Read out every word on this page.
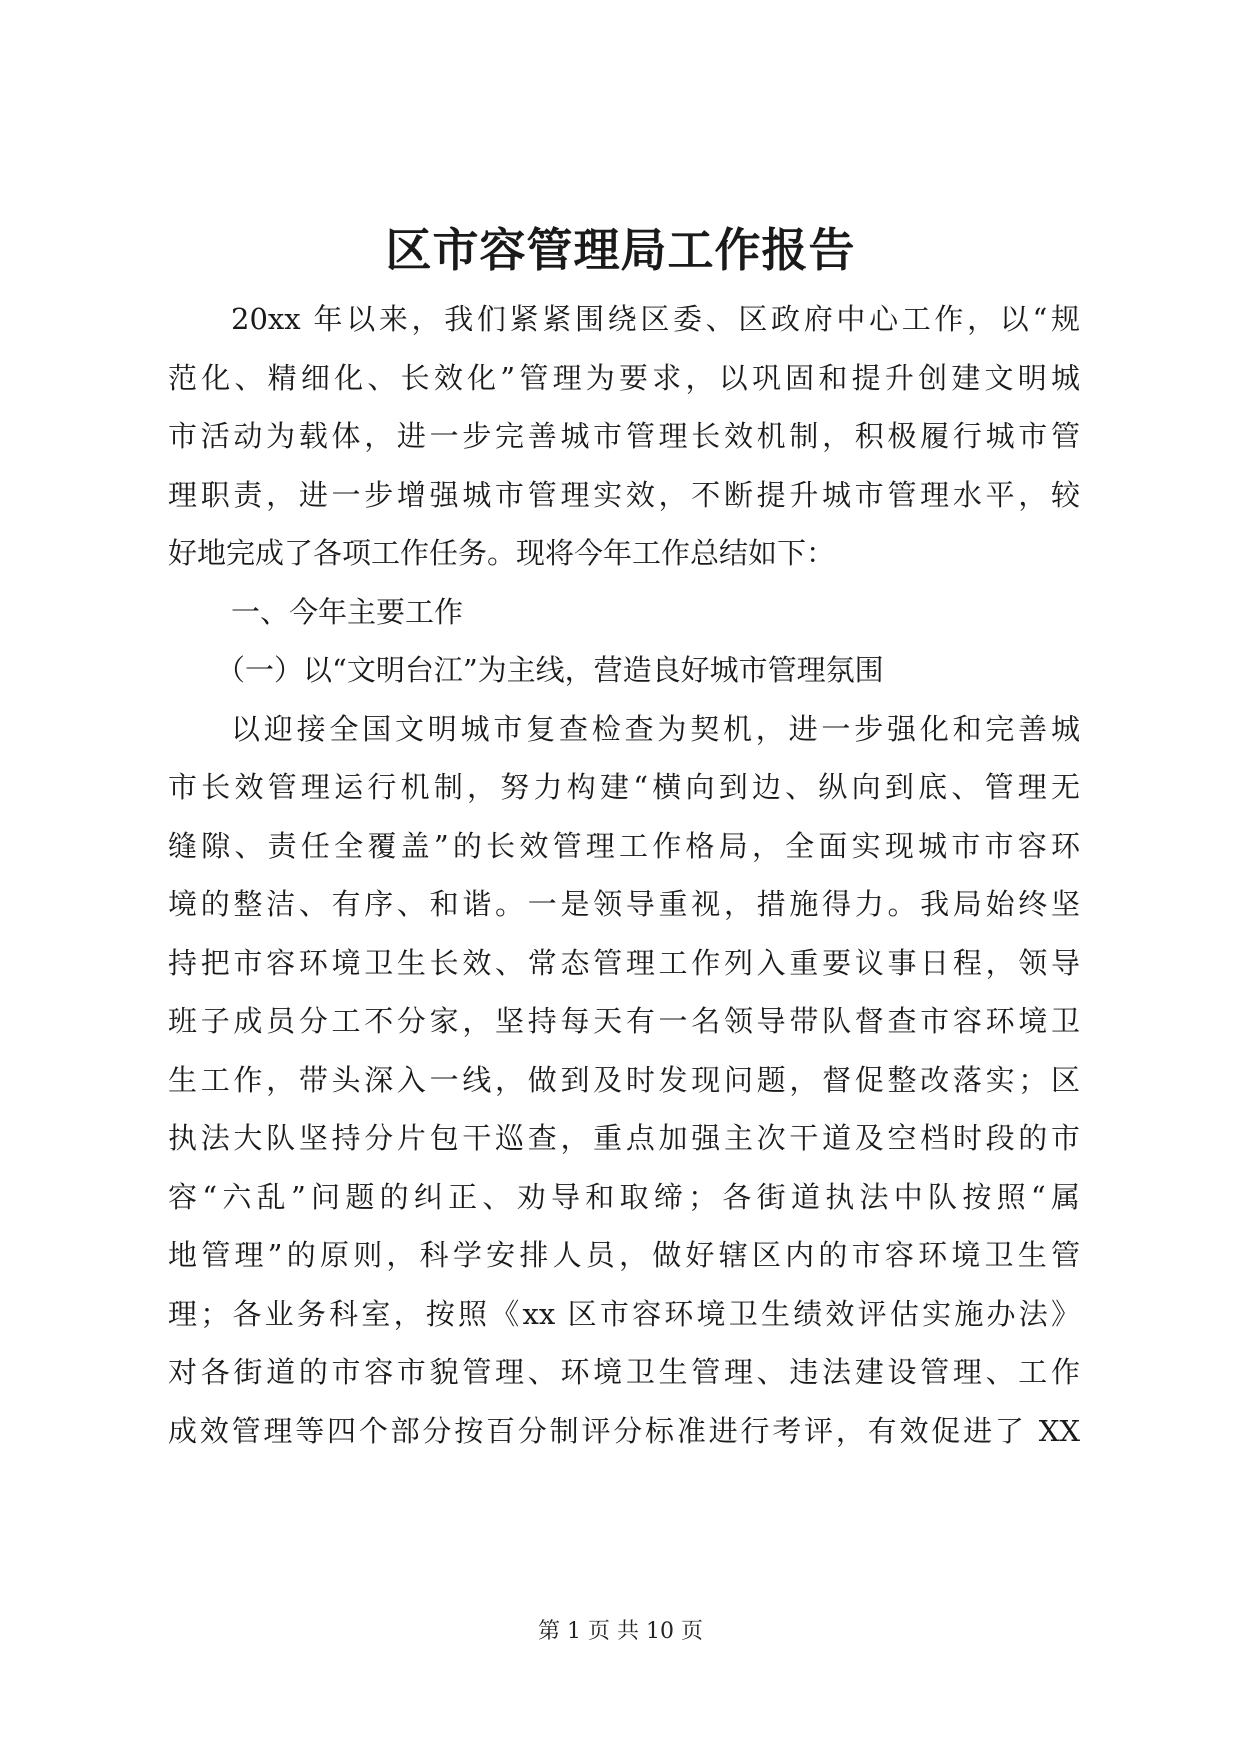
区市容管理局工作报告
20xx 年以来，我们紧紧围绕区委、区政府中心工作，以“规
范化、精细化、长效化”管理为要求，以巩固和提升创建文明城
市活动为载体，进一步完善城市管理长效机制，积极履行城市管
理职责，进一步增强城市管理实效，不断提升城市管理水平，较
好地完成了各项工作任务。现将今年工作总结如下：
一、今年主要工作
（一）以“文明台江”为主线，营造良好城市管理氛围
以迎接全国文明城市复查检查为契机，进一步强化和完善城
市长效管理运行机制，努力构建“横向到边、纵向到底、管理无
缝隙、责任全覆盖”的长效管理工作格局，全面实现城市市容环
境的整洁、有序、和谐。一是领导重视，措施得力。我局始终坚
持把市容环境卫生长效、常态管理工作列入重要议事日程，领导
班子成员分工不分家，坚持每天有一名领导带队督查市容环境卫
生工作，带头深入一线，做到及时发现问题，督促整改落实；区
执法大队坚持分片包干巡查，重点加强主次干道及空档时段的市
容“六乱”问题的纠正、劝导和取缔；各街道执法中队按照“属
地管理”的原则，科学安排人员，做好辖区内的市容环境卫生管
理；各业务科室，按照《xx 区市容环境卫生绩效评估实施办法》
对各街道的市容市貌管理、环境卫生管理、违法建设管理、工作
成效管理等四个部分按百分制评分标准进行考评，有效促进了 XX
第 1 页 共 10 页
